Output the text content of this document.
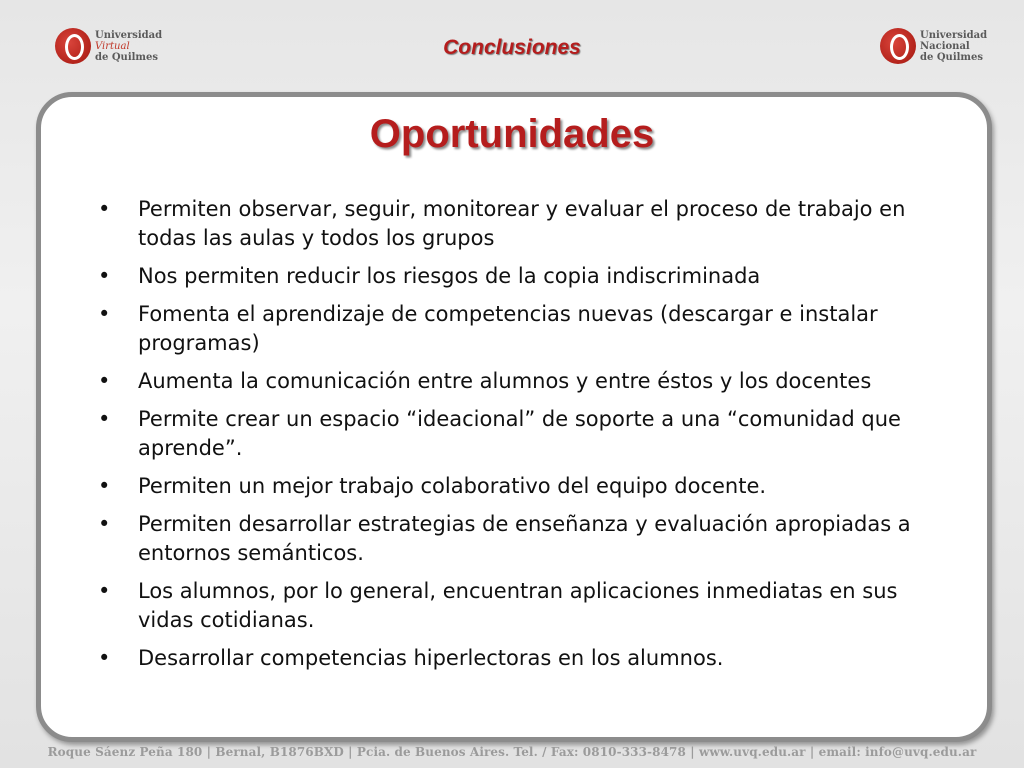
Universidad
Virtual
de Quilmes	Conclusiones
Universidad
Nacional
de Quilmes
Oportunidades
• Permiten observar, seguir, monitorear y evaluar el proceso de trabajo en todas las aulas y todos los grupos
• Nos permiten reducir los riesgos de la copia indiscriminada
• Fomenta el aprendizaje de competencias nuevas (descargar e instalar programas)
• Aumenta la comunicación entre alumnos y entre éstos y los docentes
• Permite crear un espacio “ideacional” de soporte a una “comunidad que aprende”.
• Permiten un mejor trabajo colaborativo del equipo docente.
• Permiten desarrollar estrategias de enseñanza y evaluación apropiadas a entornos semánticos.
• Los alumnos, por lo general, encuentran aplicaciones inmediatas en sus vidas cotidianas.
• Desarrollar competencias hiperlectoras en los alumnos.
Roque Sáenz Peña 180 | Bernal, B1876BXD | Pcia. de Buenos Aires. Tel. / Fax: 0810-333-8478 | www.uvq.edu.ar | email: info@uvq.edu.ar
